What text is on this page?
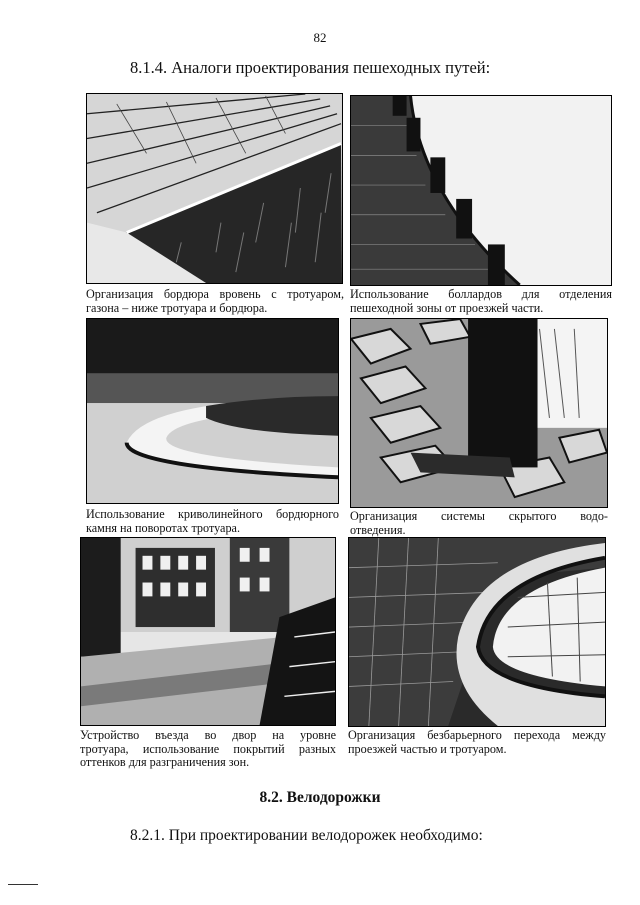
82
8.1.4. Аналоги проектирования пешеходных путей:
Организация бордюра вровень с тротуаром,
газона – ниже тротуара и бордюра.
Использование боллардов для отделения
пешеходной зоны от проезжей части.
Использование криволинейного бордюрного
камня на поворотах тротуара.
Организация системы скрытого водо-
отведения.
Устройство въезда во двор на уровне
тротуара, использование покрытий разных
оттенков для разграничения зон.
Организация безбарьерного перехода между
проезжей частью и тротуаром.
8.2. Велодорожки
8.2.1. При проектировании велодорожек необходимо:
